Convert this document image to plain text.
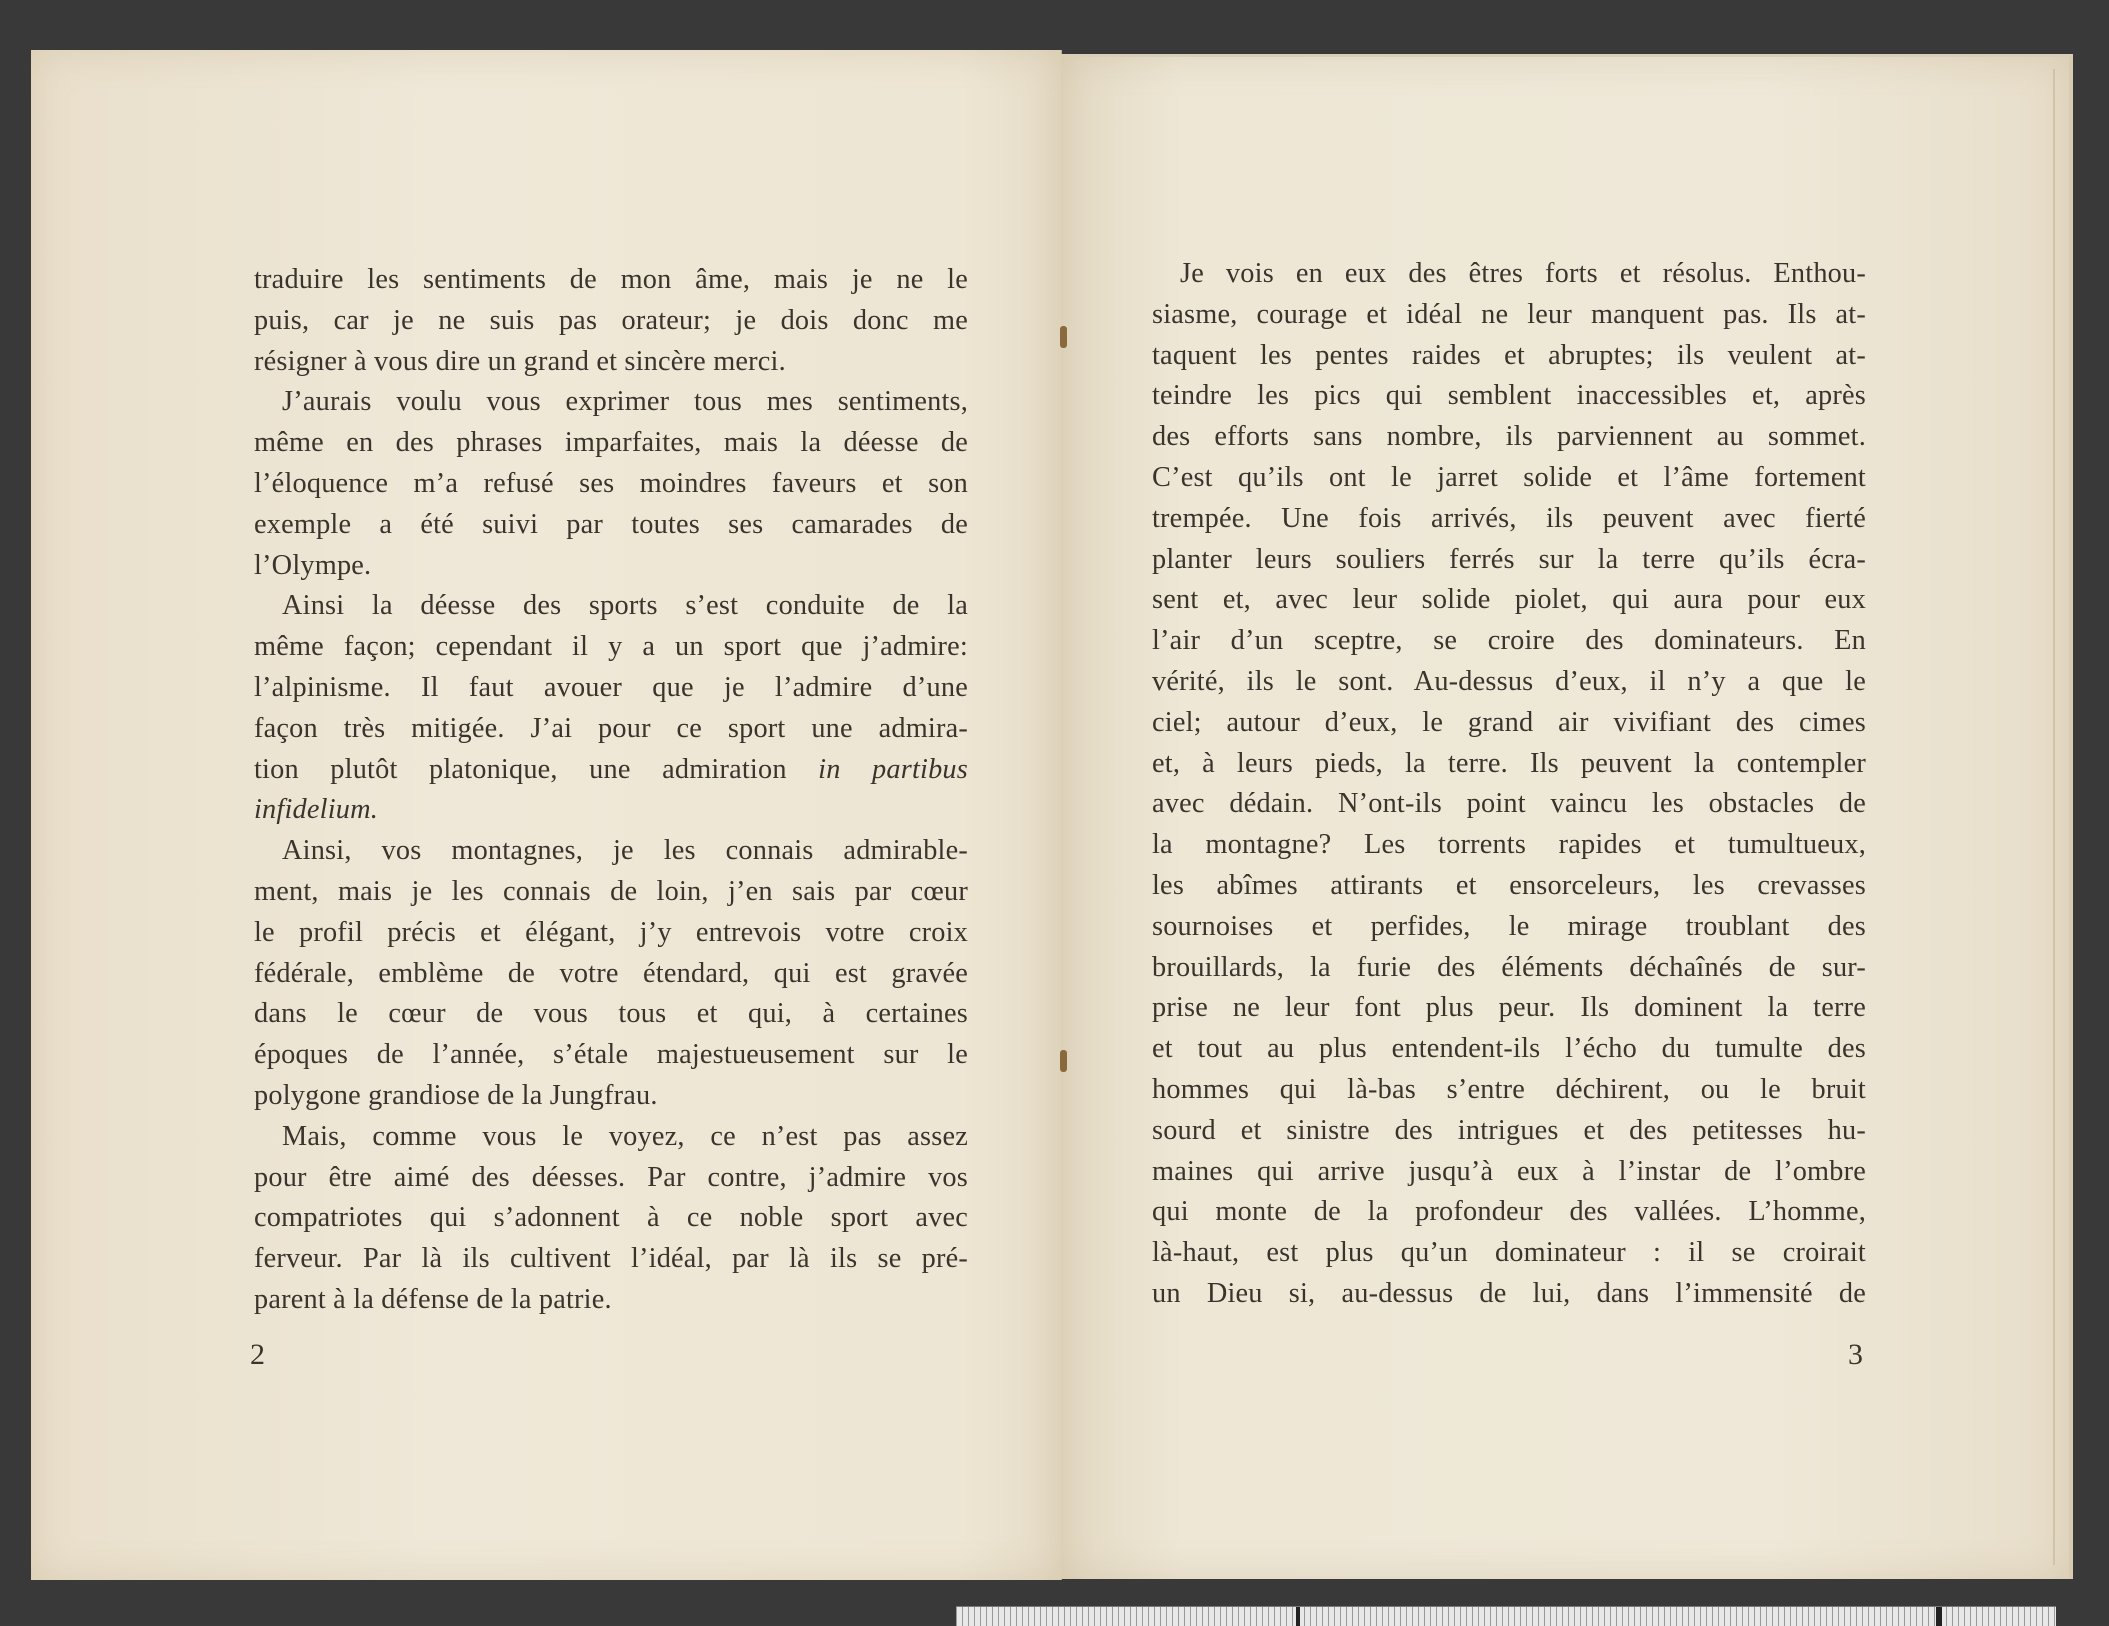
traduire les sentiments de mon âme, mais je ne le
puis, car je ne suis pas orateur; je dois donc me
résigner à vous dire un grand et sincère merci.
J’aurais voulu vous exprimer tous mes sentiments,
même en des phrases imparfaites, mais la déesse de
l’éloquence m’a refusé ses moindres faveurs et son
exemple a été suivi par toutes ses camarades de
l’Olympe.
Ainsi la déesse des sports s’est conduite de la
même façon; cependant il y a un sport que j’admire:
l’alpinisme. Il faut avouer que je l’admire d’une
façon très mitigée. J’ai pour ce sport une admira-
tion plutôt platonique, une admiration in partibus
infidelium.
Ainsi, vos montagnes, je les connais admirable-
ment, mais je les connais de loin, j’en sais par cœur
le profil précis et élégant, j’y entrevois votre croix
fédérale, emblème de votre étendard, qui est gravée
dans le cœur de vous tous et qui, à certaines
époques de l’année, s’étale majestueusement sur le
polygone grandiose de la Jungfrau.
Mais, comme vous le voyez, ce n’est pas assez
pour être aimé des déesses. Par contre, j’admire vos
compatriotes qui s’adonnent à ce noble sport avec
ferveur. Par là ils cultivent l’idéal, par là ils se pré-
parent à la défense de la patrie.
2
Je vois en eux des êtres forts et résolus. Enthou-
siasme, courage et idéal ne leur manquent pas. Ils at-
taquent les pentes raides et abruptes; ils veulent at-
teindre les pics qui semblent inaccessibles et, après
des efforts sans nombre, ils parviennent au sommet.
C’est qu’ils ont le jarret solide et l’âme fortement
trempée. Une fois arrivés, ils peuvent avec fierté
planter leurs souliers ferrés sur la terre qu’ils écra-
sent et, avec leur solide piolet, qui aura pour eux
l’air d’un sceptre, se croire des dominateurs. En
vérité, ils le sont. Au-dessus d’eux, il n’y a que le
ciel; autour d’eux, le grand air vivifiant des cimes
et, à leurs pieds, la terre. Ils peuvent la contempler
avec dédain. N’ont-ils point vaincu les obstacles de
la montagne? Les torrents rapides et tumultueux,
les abîmes attirants et ensorceleurs, les crevasses
sournoises et perfides, le mirage troublant des
brouillards, la furie des éléments déchaînés de sur-
prise ne leur font plus peur. Ils dominent la terre
et tout au plus entendent-ils l’écho du tumulte des
hommes qui là-bas s’entre déchirent, ou le bruit
sourd et sinistre des intrigues et des petitesses hu-
maines qui arrive jusqu’à eux à l’instar de l’ombre
qui monte de la profondeur des vallées. L’homme,
là-haut, est plus qu’un dominateur : il se croirait
un Dieu si, au-dessus de lui, dans l’immensité de
3
